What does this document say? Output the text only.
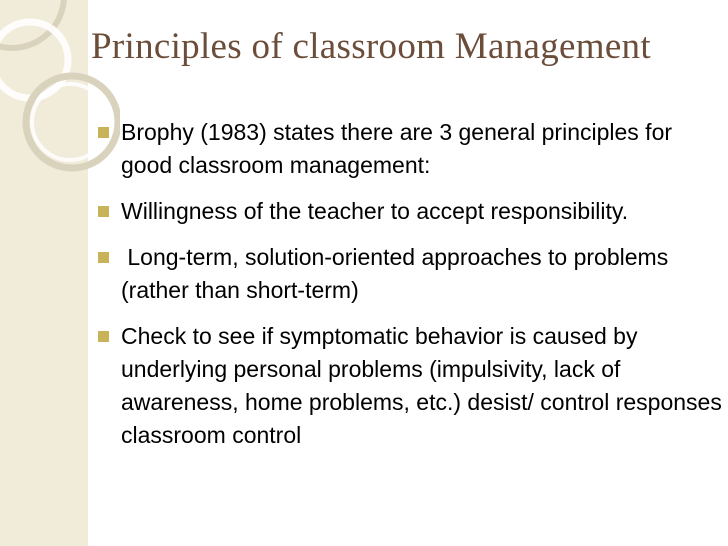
Principles of classroom Management
Brophy (1983) states there are 3 general principles for good classroom management:
Willingness of the teacher to accept responsibility.
Long-term, solution-oriented approaches to problems (rather than short-term)
Check to see if symptomatic behavior is caused by underlying personal problems (impulsivity, lack of awareness, home problems, etc.) desist/ control responses classroom control
